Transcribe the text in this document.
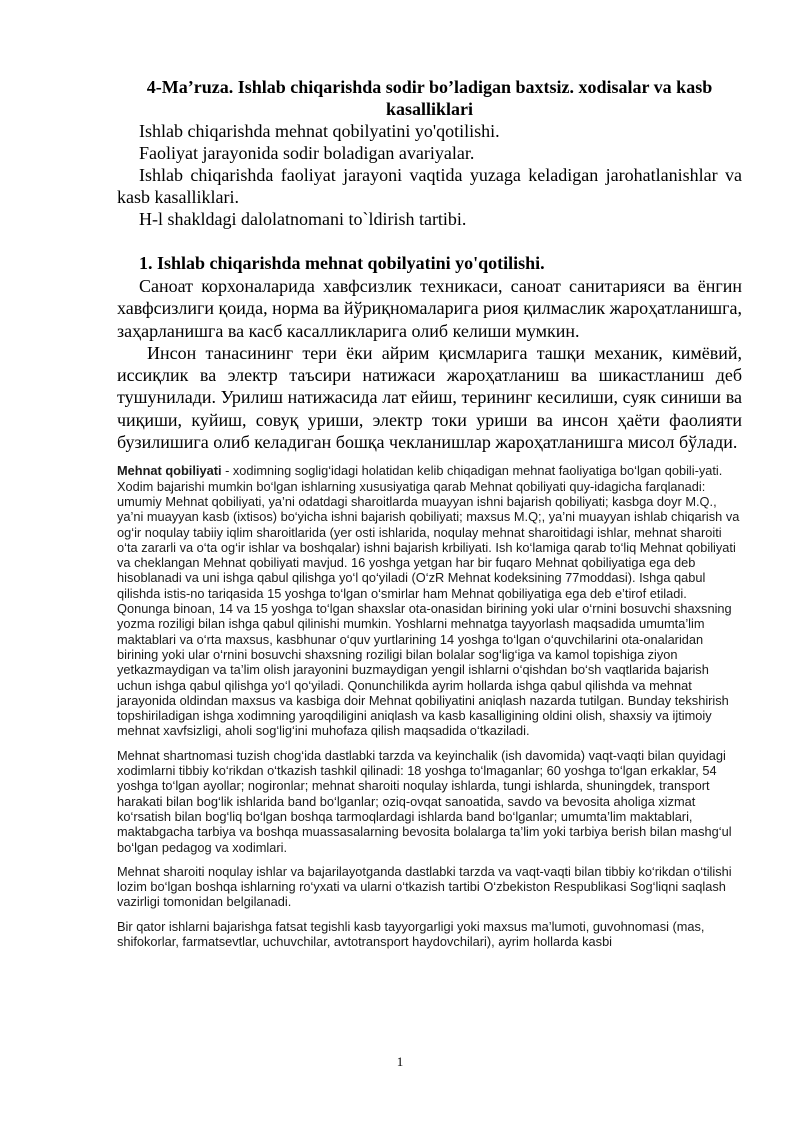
4-Ma’ruza. Ishlab chiqarishda sodir bo’ladigan baxtsiz. xodisalar va kasb kasalliklari

Ishlab chiqarishda mehnat qobilyatini yo'qotilishi.

Faoliyat jarayonida sodir boladigan avariyalar.

Ishlab chiqarishda faoliyat jarayoni vaqtida yuzaga keladigan jarohatlanishlar va kasb kasalliklari.

H-l shakldagi dalolatnomani to`ldirish tartibi.

1. Ishlab chiqarishda mehnat qobilyatini yo'qotilishi.

Саноат корхоналарида хавфсизлик техникаси, саноат санитарияси ва ёнгин хавфсизлиги қоида, норма ва йўриқномаларига риоя қилмаслик жароҳатланишга, заҳарланишга ва касб касалликларига олиб келиши мумкин.

Инсон танасининг тери ёки айрим қисмларига ташқи механик, кимёвий, иссиқлик ва электр таъсири натижаси жароҳатланиш ва шикастланиш деб тушунилади. Урилиш натижасида лат ейиш, терининг кесилиши, суяк синиши ва чиқиши, куйиш, совуқ уриши, электр токи уриши ва инсон ҳаёти фаолияти бузилишига олиб келадиган бошқа чекланишлар жароҳатланишга мисол бўлади.

Mehnat qobiliyati - xodimning soglig‘idagi holatidan kelib chiqadigan mehnat faoliyatiga bo‘lgan qobili-yati. Xodim bajarishi mumkin bo‘lgan ishlarning xususiyatiga qarab Mehnat qobiliyati quy-idagicha farqlanadi: umumiy Mehnat qobiliyati, ya’ni odatdagi sharoitlarda muayyan ishni bajarish qobiliyati; kasbga doyr M.Q., ya’ni muayyan kasb (ixtisos) bo‘yicha ishni bajarish qobiliyati; maxsus M.Q;, ya’ni muayyan ishlab chiqarish va og‘ir noqulay tabiiy iqlim sharoitlarida (yer osti ishlarida, noqulay mehnat sharoitidagi ishlar, mehnat sharoiti o‘ta zararli va o‘ta og‘ir ishlar va boshqalar) ishni bajarish krbiliyati. Ish ko‘lamiga qarab to‘liq Mehnat qobiliyati va cheklangan Mehnat qobiliyati mavjud. 16 yoshga yetgan har bir fuqaro Mehnat qobiliyatiga ega deb hisoblanadi va uni ishga qabul qilishga yo‘l qo‘yiladi (O‘zR Mehnat kodeksining 77moddasi). Ishga qabul qilishda istis-no tariqasida 15 yoshga to‘lgan o‘smirlar ham Mehnat qobiliyatiga ega deb e’tirof etiladi. Qonunga binoan, 14 va 15 yoshga to‘lgan shaxslar ota-onasidan birining yoki ular o‘rnini bosuvchi shaxsning yozma roziligi bilan ishga qabul qilinishi mumkin. Yoshlarni mehnatga tayyorlash maqsadida umumta’lim maktablari va o‘rta maxsus, kasbhunar o‘quv yurtlarining 14 yoshga to‘lgan o‘quvchilarini ota-onalaridan birining yoki ular o‘rnini bosuvchi shaxsning roziligi bilan bolalar sog‘lig‘iga va kamol topishiga ziyon yetkazmaydigan va ta’lim olish jarayonini buzmaydigan yengil ishlarni o‘qishdan bo‘sh vaqtlarida bajarish uchun ishga qabul qilishga yo‘l qo‘yiladi. Qonunchilikda ayrim hollarda ishga qabul qilishda va mehnat jarayonida oldindan maxsus va kasbiga doir Mehnat qobiliyatini aniqlash nazarda tutilgan. Bunday tekshirish topshiriladigan ishga xodimning yaroqdiligini aniqlash va kasb kasalligining oldini olish, shaxsiy va ijtimoiy mehnat xavfsizligi, aholi sog‘lig‘ini muhofaza qilish maqsadida o‘tkaziladi.

Mehnat shartnomasi tuzish chog‘ida dastlabki tarzda va keyinchalik (ish davomida) vaqt-vaqti bilan quyidagi xodimlarni tibbiy ko‘rikdan o‘tkazish tashkil qilinadi: 18 yoshga to‘lmaganlar; 60 yoshga to‘lgan erkaklar, 54 yoshga to‘lgan ayollar; nogironlar; mehnat sharoiti noqulay ishlarda, tungi ishlarda, shuningdek, transport harakati bilan bog‘lik ishlarida band bo‘lganlar; oziq-ovqat sanoatida, savdo va bevosita aholiga xizmat ko‘rsatish bilan bog‘liq bo‘lgan boshqa tarmoqlardagi ishlarda band bo‘lganlar; umumta’lim maktablari, maktabgacha tarbiya va boshqa muassasalarning bevosita bolalarga ta’lim yoki tarbiya berish bilan mashg‘ul bo‘lgan pedagog va xodimlari.

Mehnat sharoiti noqulay ishlar va bajarilayotganda dastlabki tarzda va vaqt-vaqti bilan tibbiy ko‘rikdan o‘tilishi lozim bo‘lgan boshqa ishlarning ro‘yxati va ularni o‘tkazish tartibi O‘zbekiston Respublikasi Sog‘liqni saqlash vazirligi tomonidan belgilanadi.

Bir qator ishlarni bajarishga fatsat tegishli kasb tayyorgarligi yoki maxsus ma’lumoti, guvohnomasi (mas, shifokorlar, farmatsevtlar, uchuvchilar, avtotransport haydovchilari), ayrim hollarda kasbi

1
